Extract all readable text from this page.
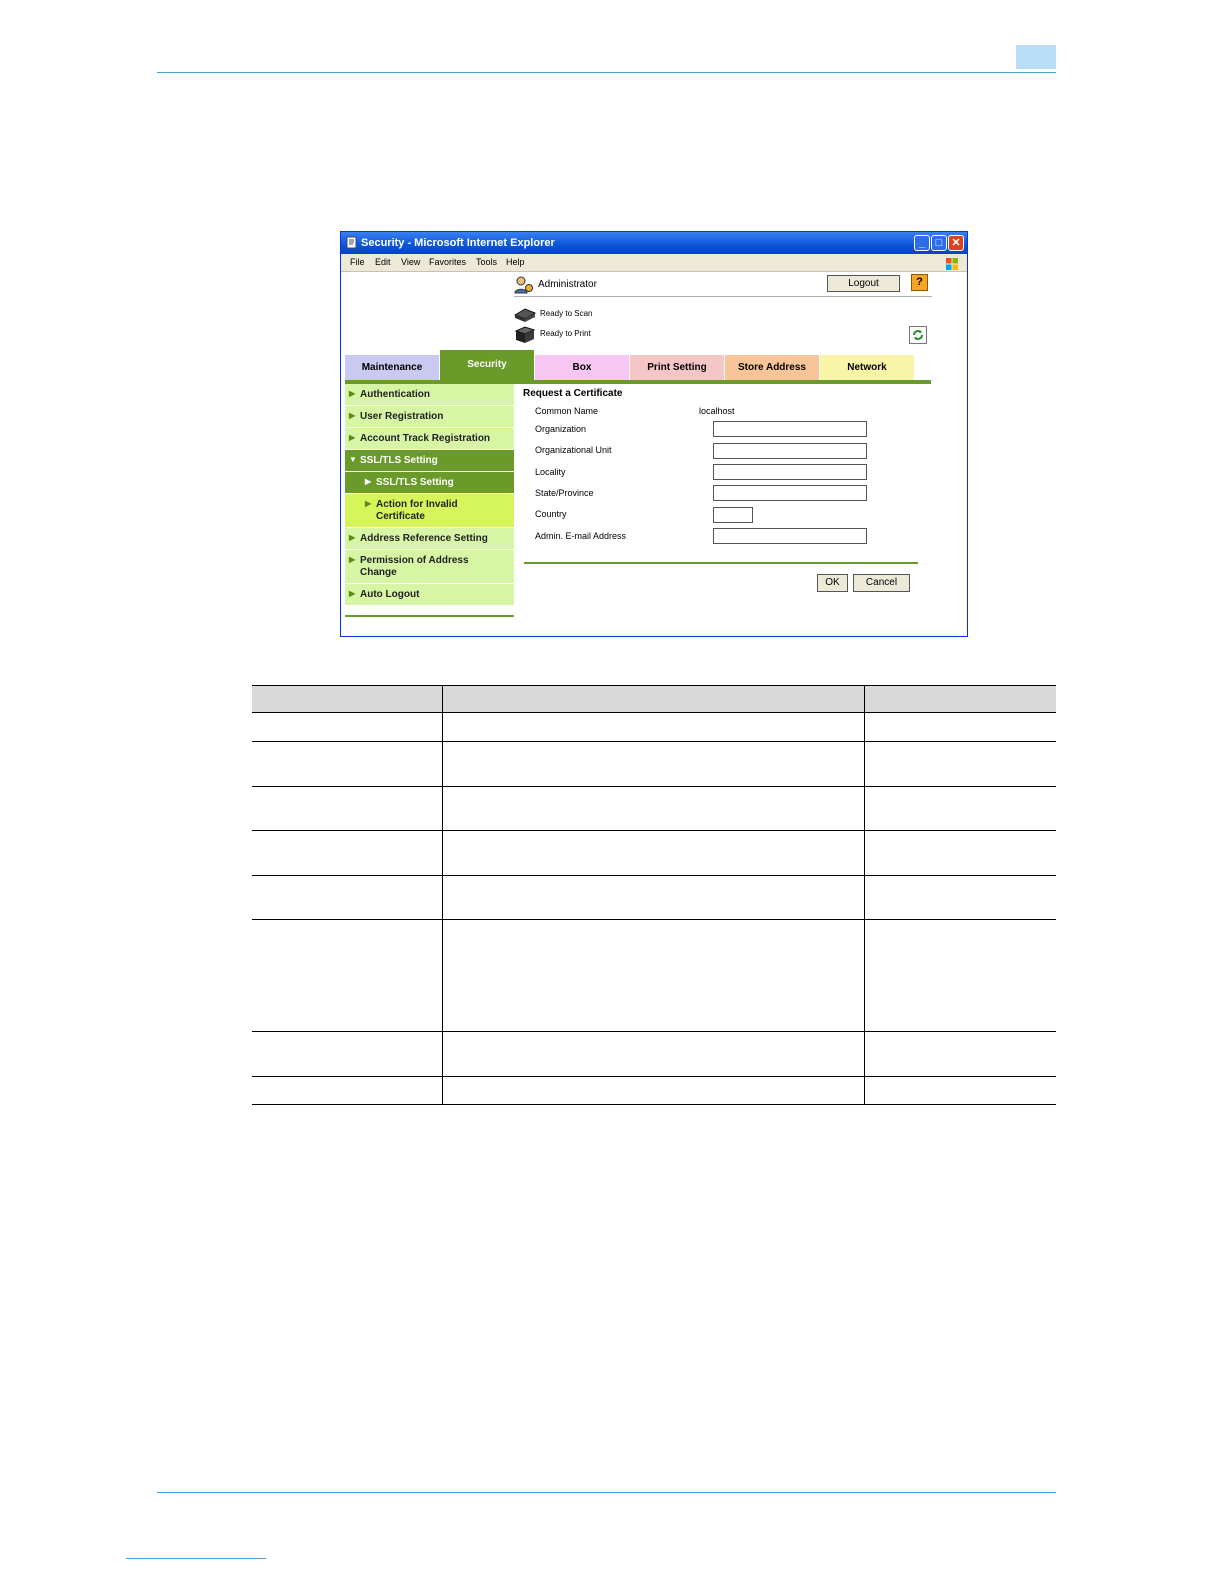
Security - Microsoft Internet Explorer	_ □ ✕
File Edit View Favorites Tools Help
Administrator	Logout	?
Ready to Scan
Ready to Print
Maintenance	Security	Box	Print Setting	Store Address	Network
▶ Authentication
▶ User Registration
▶ Account Track Registration
▼ SSL/TLS Setting
▶ SSL/TLS Setting
▶ Action for Invalid
Certificate
▶ Address Reference Setting
▶ Permission of Address
Change
▶ Auto Logout
Request a Certificate
Common Name	localhost
Organization
Organizational Unit
Locality
State/Province
Country
Admin. E-mail Address
OK	Cancel
